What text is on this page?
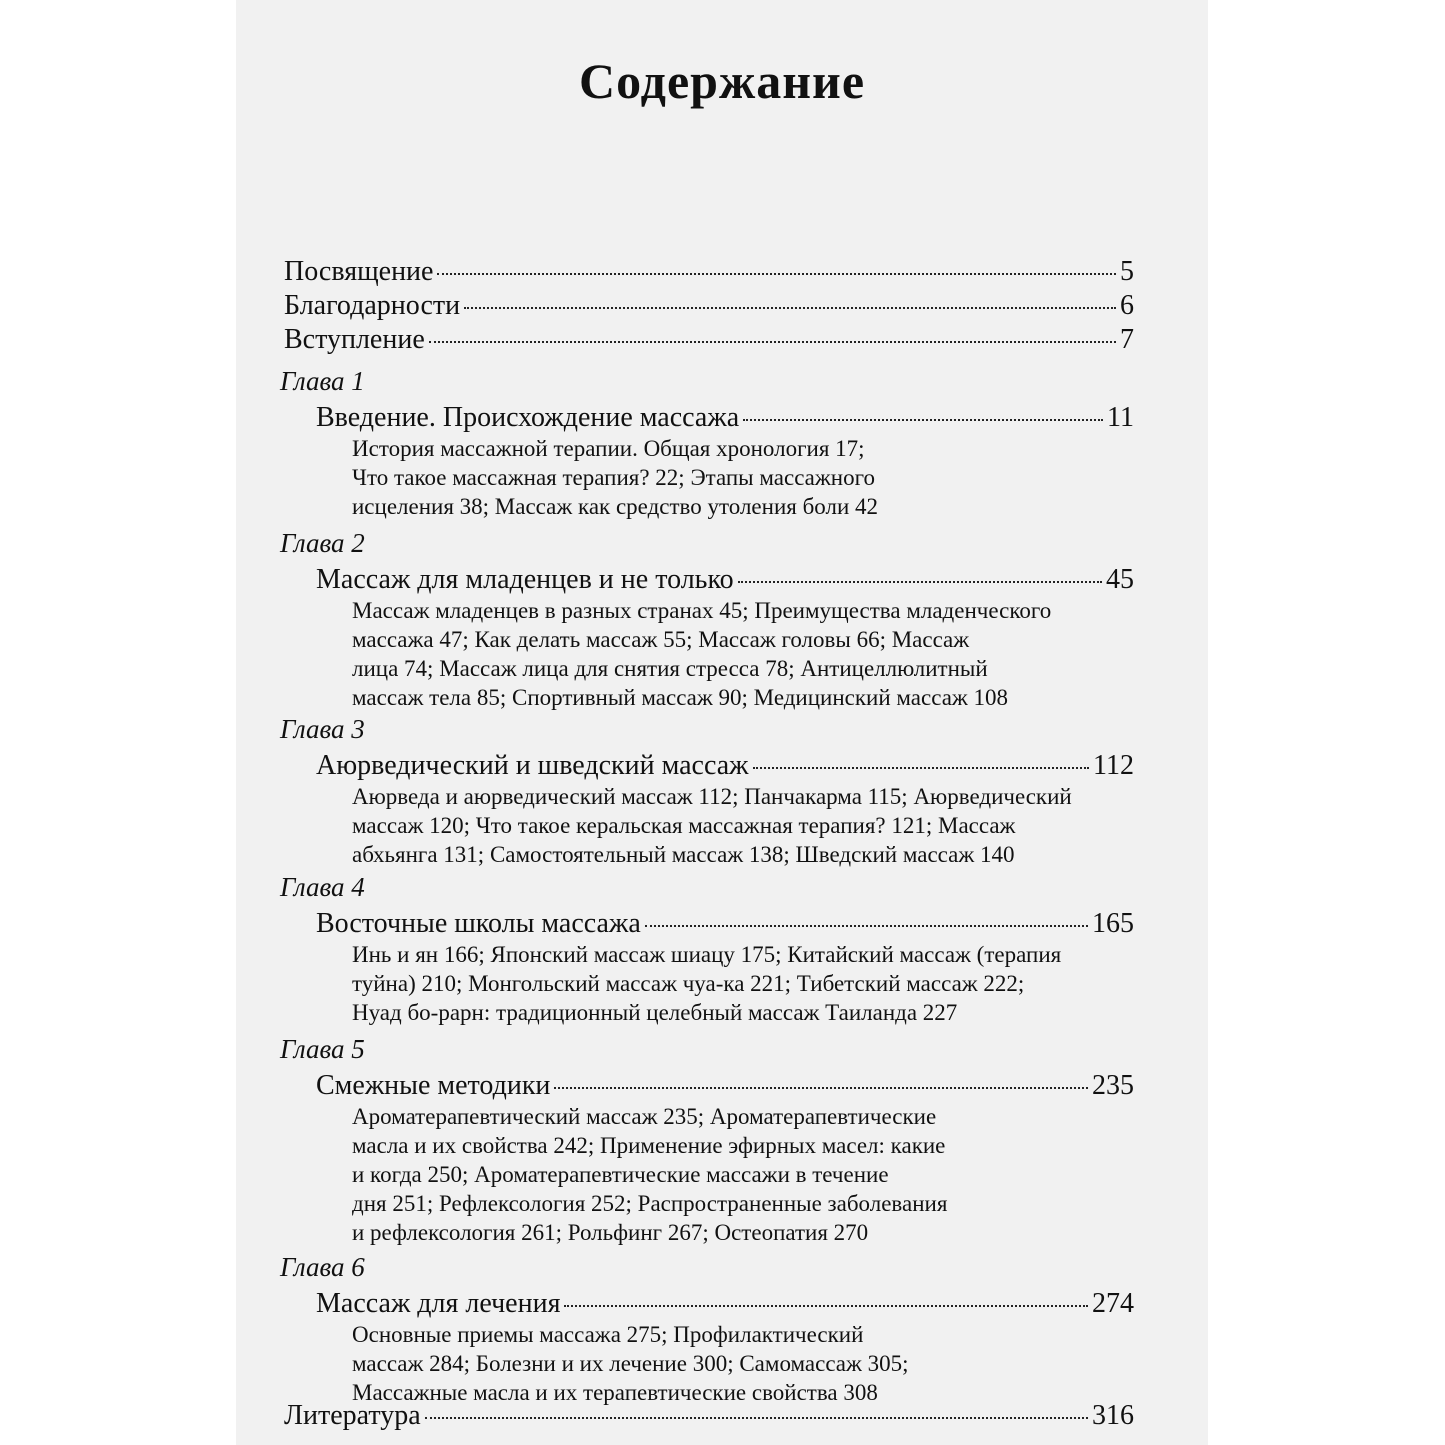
Содержание
Посвящение	5
Благодарности	6
Вступление	7
Глава 1
Введение. Происхождение массажа	11
История массажной терапии. Общая хронология 17;
Что такое массажная терапия? 22; Этапы массажного
исцеления 38; Массаж как средство утоления боли 42
Глава 2
Массаж для младенцев и не только	45
Массаж младенцев в разных странах 45; Преимущества младенческого
массажа 47; Как делать массаж 55; Массаж головы 66; Массаж
лица 74; Массаж лица для снятия стресса 78; Антицеллюлитный
массаж тела 85; Спортивный массаж 90; Медицинский массаж 108
Глава 3
Аюрведический и шведский массаж	112
Аюрведа и аюрведический массаж 112; Панчакарма 115; Аюрведический
массаж 120; Что такое керальская массажная терапия? 121; Массаж
абхьянга 131; Самостоятельный массаж 138; Шведский массаж 140
Глава 4
Восточные школы массажа	165
Инь и ян 166; Японский массаж шиацу 175; Китайский массаж (терапия
туйна) 210; Монгольский массаж чуа-ка 221; Тибетский массаж 222;
Нуад бо-рарн: традиционный целебный массаж Таиланда 227
Глава 5
Смежные методики	235
Ароматерапевтический массаж 235; Ароматерапевтические
масла и их свойства 242; Применение эфирных масел: какие
и когда 250; Ароматерапевтические массажи в течение
дня 251; Рефлексология 252; Распространенные заболевания
и рефлексология 261; Рольфинг 267; Остеопатия 270
Глава 6
Массаж для лечения	274
Основные приемы массажа 275; Профилактический
массаж 284; Болезни и их лечение 300; Самомассаж 305;
Массажные масла и их терапевтические свойства 308
Литература	316
